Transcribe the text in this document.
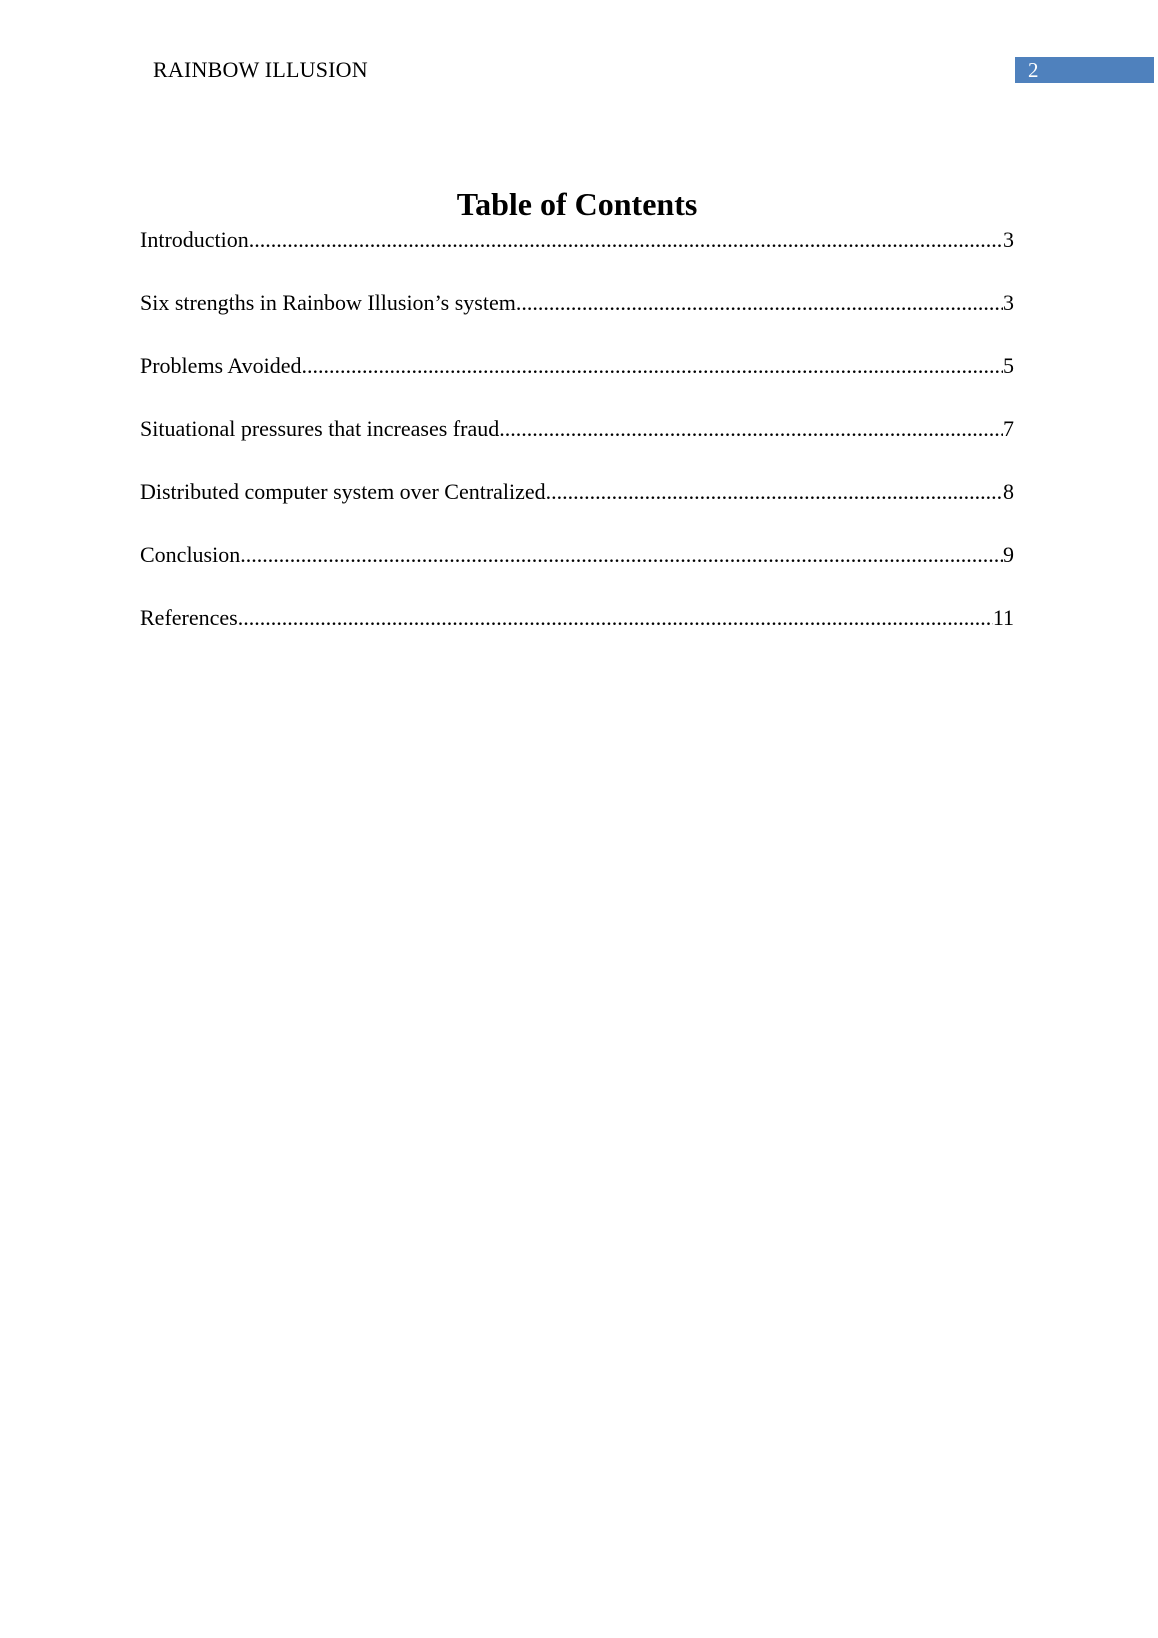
RAINBOW ILLUSION	2
Table of Contents
Introduction .....	3
Six strengths in Rainbow Illusion’s system .....	3
Problems Avoided .....	5
Situational pressures that increases fraud .....	7
Distributed computer system over Centralized .....	8
Conclusion .....	9
References .....	11
